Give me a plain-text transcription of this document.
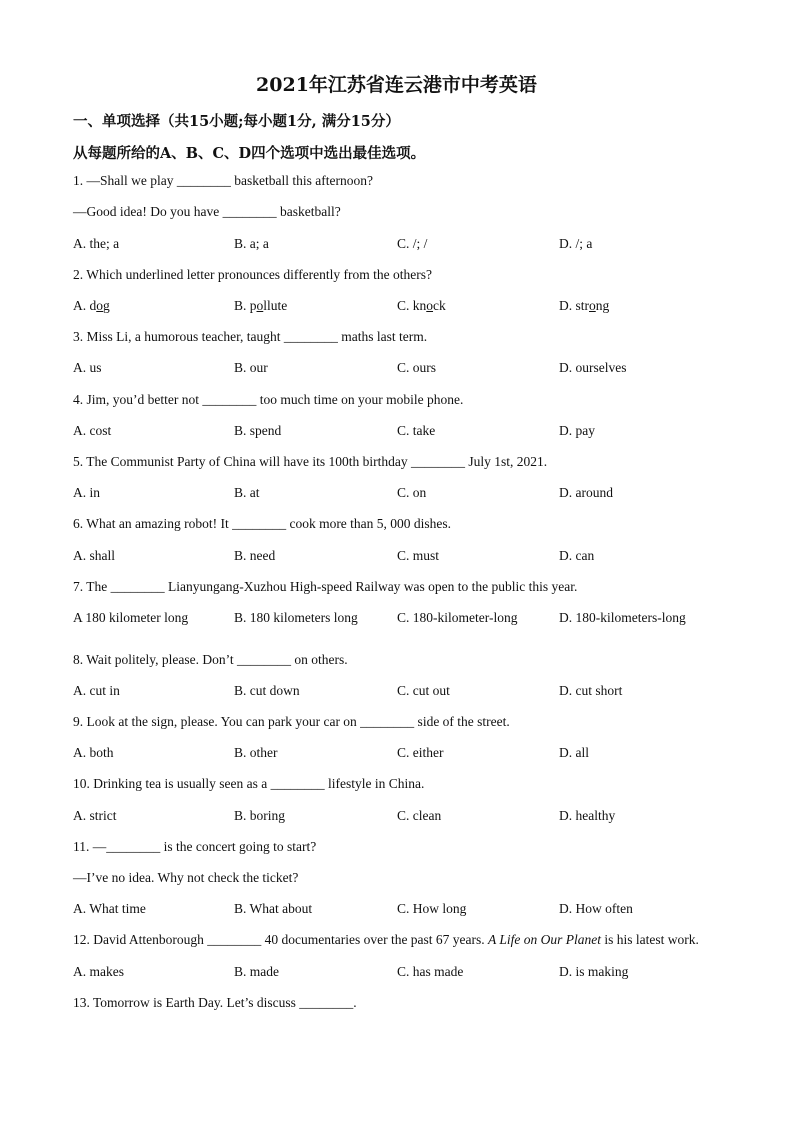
2021年江苏省连云港市中考英语
一、单项选择（共15小题;每小题1分, 满分15分）
从每题所给的A、B、C、D四个选项中选出最佳选项。
1. —Shall we play ________ basketball this afternoon?
—Good idea! Do you have ________ basketball?
A. the; a	B. a; a	C. /; /	D. /; a
2. Which underlined letter pronounces differently from the others?
A. dog	B. pollute	C. knock	D. strong
3. Miss Li, a humorous teacher, taught ________ maths last term.
A. us	B. our	C. ours	D. ourselves
4. Jim, you’d better not ________ too much time on your mobile phone.
A. cost	B. spend	C. take	D. pay
5. The Communist Party of China will have its 100th birthday ________ July 1st, 2021.
A. in	B. at	C. on	D. around
6. What an amazing robot! It ________ cook more than 5, 000 dishes.
A. shall	B. need	C. must	D. can
7. The ________ Lianyungang-Xuzhou High-speed Railway was open to the public this year.
A 180 kilometer long	B. 180 kilometers long	C. 180-kilometer-long	D. 180-kilometers-long
8. Wait politely, please. Don’t ________ on others.
A. cut in	B. cut down	C. cut out	D. cut short
9. Look at the sign, please. You can park your car on ________ side of the street.
A. both	B. other	C. either	D. all
10. Drinking tea is usually seen as a ________ lifestyle in China.
A. strict	B. boring	C. clean	D. healthy
11. —________ is the concert going to start?
—I’ve no idea. Why not check the ticket?
A. What time	B. What about	C. How long	D. How often
12. David Attenborough ________ 40 documentaries over the past 67 years. A Life on Our Planet is his latest work.
A. makes	B. made	C. has made	D. is making
13. Tomorrow is Earth Day. Let’s discuss ________.
